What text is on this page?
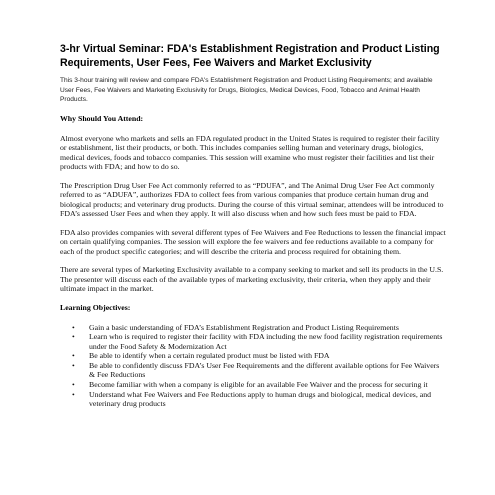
3-hr Virtual Seminar: FDA's Establishment Registration and Product Listing Requirements, User Fees, Fee Waivers and Market Exclusivity

This 3-hour training will review and compare FDA's Establishment Registration and Product Listing Requirements; and available User Fees, Fee Waivers and Marketing Exclusivity for Drugs, Biologics, Medical Devices, Food, Tobacco and Animal Health Products.

Why Should You Attend:

Almost everyone who markets and sells an FDA regulated product in the United States is required to register their facility or establishment, list their products, or both. This includes companies selling human and veterinary drugs, biologics, medical devices, foods and tobacco companies. This session will examine who must register their facilities and list their products with FDA; and how to do so.

The Prescription Drug User Fee Act commonly referred to as “PDUFA”, and The Animal Drug User Fee Act commonly referred to as “ADUFA”, authorizes FDA to collect fees from various companies that produce certain human drug and biological products; and veterinary drug products. During the course of this virtual seminar, attendees will be introduced to FDA’s assessed User Fees and when they apply. It will also discuss when and how such fees must be paid to FDA.

FDA also provides companies with several different types of Fee Waivers and Fee Reductions to lessen the financial impact on certain qualifying companies. The session will explore the fee waivers and fee reductions available to a company for each of the product specific categories; and will describe the criteria and process required for obtaining them.

There are several types of Marketing Exclusivity available to a company seeking to market and sell its products in the U.S. The presenter will discuss each of the available types of marketing exclusivity, their criteria, when they apply and their ultimate impact in the market.

Learning Objectives:
• Gain a basic understanding of FDA’s Establishment Registration and Product Listing Requirements
• Learn who is required to register their facility with FDA including the new food facility registration requirements under the Food Safety & Modernization Act
• Be able to identify when a certain regulated product must be listed with FDA
• Be able to confidently discuss FDA’s User Fee Requirements and the different available options for Fee Waivers & Fee Reductions
• Become familiar with when a company is eligible for an available Fee Waiver and the process for securing it
• Understand what Fee Waivers and Fee Reductions apply to human drugs and biological, medical devices, and veterinary drug products
